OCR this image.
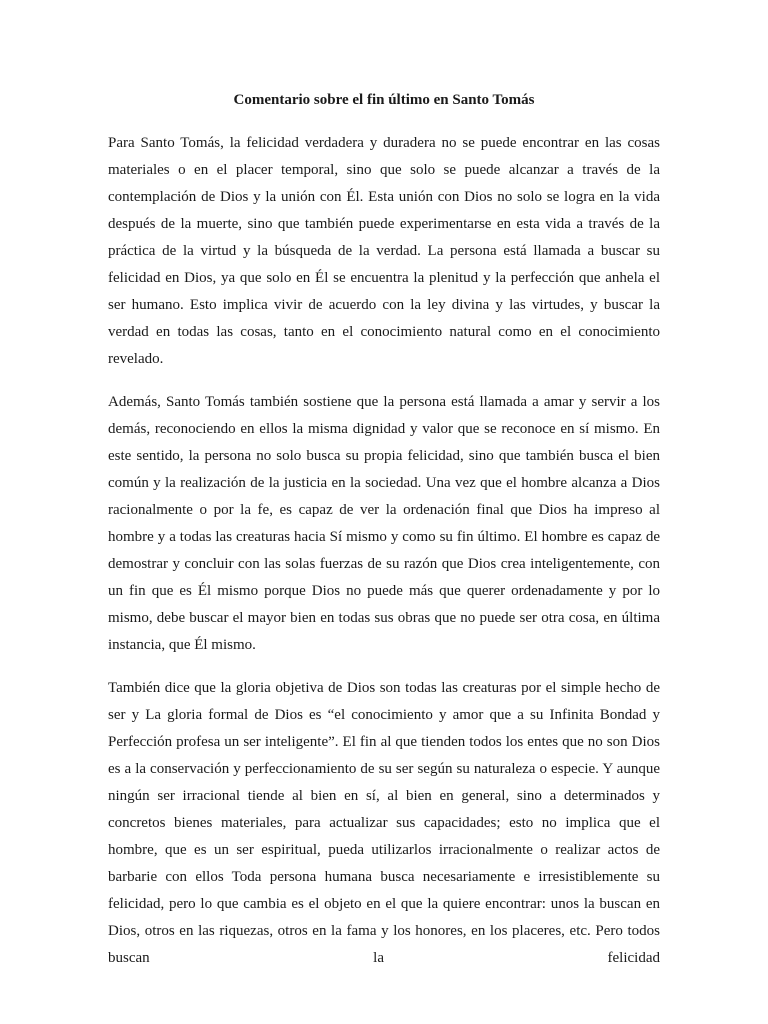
Comentario sobre el fin último en Santo Tomás

Para Santo Tomás, la felicidad verdadera y duradera no se puede encontrar en las cosas materiales o en el placer temporal, sino que solo se puede alcanzar a través de la contemplación de Dios y la unión con Él. Esta unión con Dios no solo se logra en la vida después de la muerte, sino que también puede experimentarse en esta vida a través de la práctica de la virtud y la búsqueda de la verdad. La persona está llamada a buscar su felicidad en Dios, ya que solo en Él se encuentra la plenitud y la perfección que anhela el ser humano. Esto implica vivir de acuerdo con la ley divina y las virtudes, y buscar la verdad en todas las cosas, tanto en el conocimiento natural como en el conocimiento revelado.

Además, Santo Tomás también sostiene que la persona está llamada a amar y servir a los demás, reconociendo en ellos la misma dignidad y valor que se reconoce en sí mismo. En este sentido, la persona no solo busca su propia felicidad, sino que también busca el bien común y la realización de la justicia en la sociedad. Una vez que el hombre alcanza a Dios racionalmente o por la fe, es capaz de ver la ordenación final que Dios ha impreso al hombre y a todas las creaturas hacia Sí mismo y como su fin último. El hombre es capaz de demostrar y concluir con las solas fuerzas de su razón que Dios crea inteligentemente, con un fin que es Él mismo porque Dios no puede más que querer ordenadamente y por lo mismo, debe buscar el mayor bien en todas sus obras que no puede ser otra cosa, en última instancia, que Él mismo.

También dice que la gloria objetiva de Dios son todas las creaturas por el simple hecho de ser y La gloria formal de Dios es “el conocimiento y amor que a su Infinita Bondad y Perfección profesa un ser inteligente”. El fin al que tienden todos los entes que no son Dios es a la conservación y perfeccionamiento de su ser según su naturaleza o especie. Y aunque ningún ser irracional tiende al bien en sí, al bien en general, sino a determinados y concretos bienes materiales, para actualizar sus capacidades; esto no implica que el hombre, que es un ser espiritual, pueda utilizarlos irracionalmente o realizar actos de barbarie con ellos Toda persona humana busca necesariamente e irresistiblemente su felicidad, pero lo que cambia es el objeto en el que la quiere encontrar: unos la buscan en Dios, otros en las riquezas, otros en la fama y los honores, en los placeres, etc. Pero todos buscan la felicidad
